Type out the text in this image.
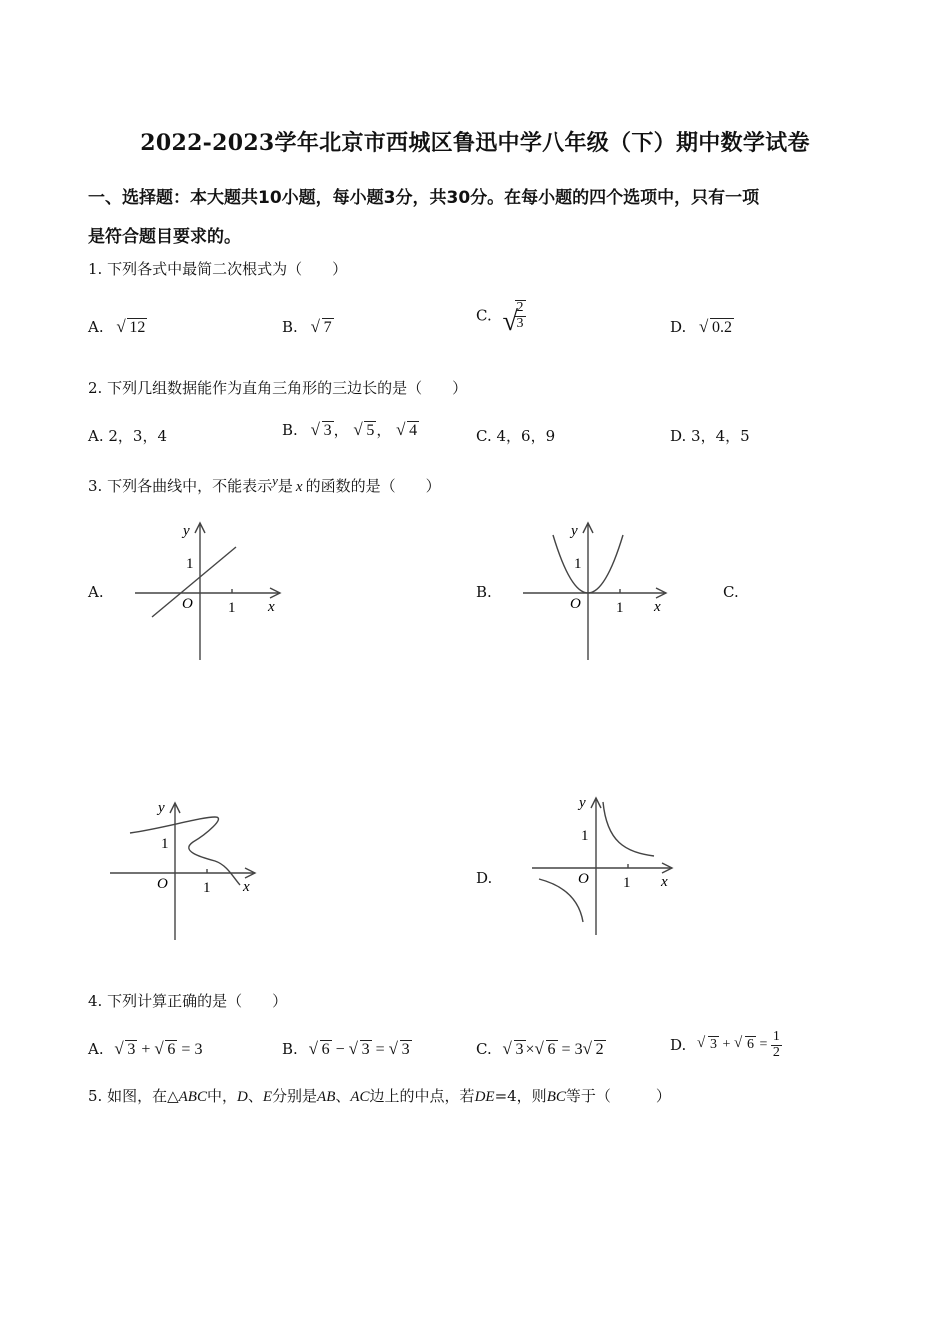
2022-2023学年北京市西城区鲁迅中学八年级（下）期中数学试卷
一、选择题：本大题共10小题，每小题3分，共30分。在每小题的四个选项中，只有一项
是符合题目要求的。
1. 下列各式中最简二次根式为（　　）
A. √ 12	B. √ 7
C. √
$\frac{2}{3}$	D. √ 0.2
2. 下列几组数据能作为直角三角形的三边长的是（　　）
A. 2，3，4	B. √ 3 ， √ 5 ， √ 4	C. 4，6，9	D. 3，4，5
3. 下列各曲线中，不能表示y是 x 的函数的是（　　）
A.	B.	C.
D.
y
x
O 1
1
y
x
O 1
1
y
x
O 1
1
y
x
O 1
1
4. 下列计算正确的是（　　）
A. √ 3 + √ 6 = 3	B. √ 6 − √ 3 = √ 3	C. √ 3 × √ 6 = 3 √ 2	D. √ 3 + √ $6 = \frac{1}{2}$
5. 如图，在△ABC中，D、E分别是AB、AC边上的中点，若DE=4，则BC等于（　　　）
